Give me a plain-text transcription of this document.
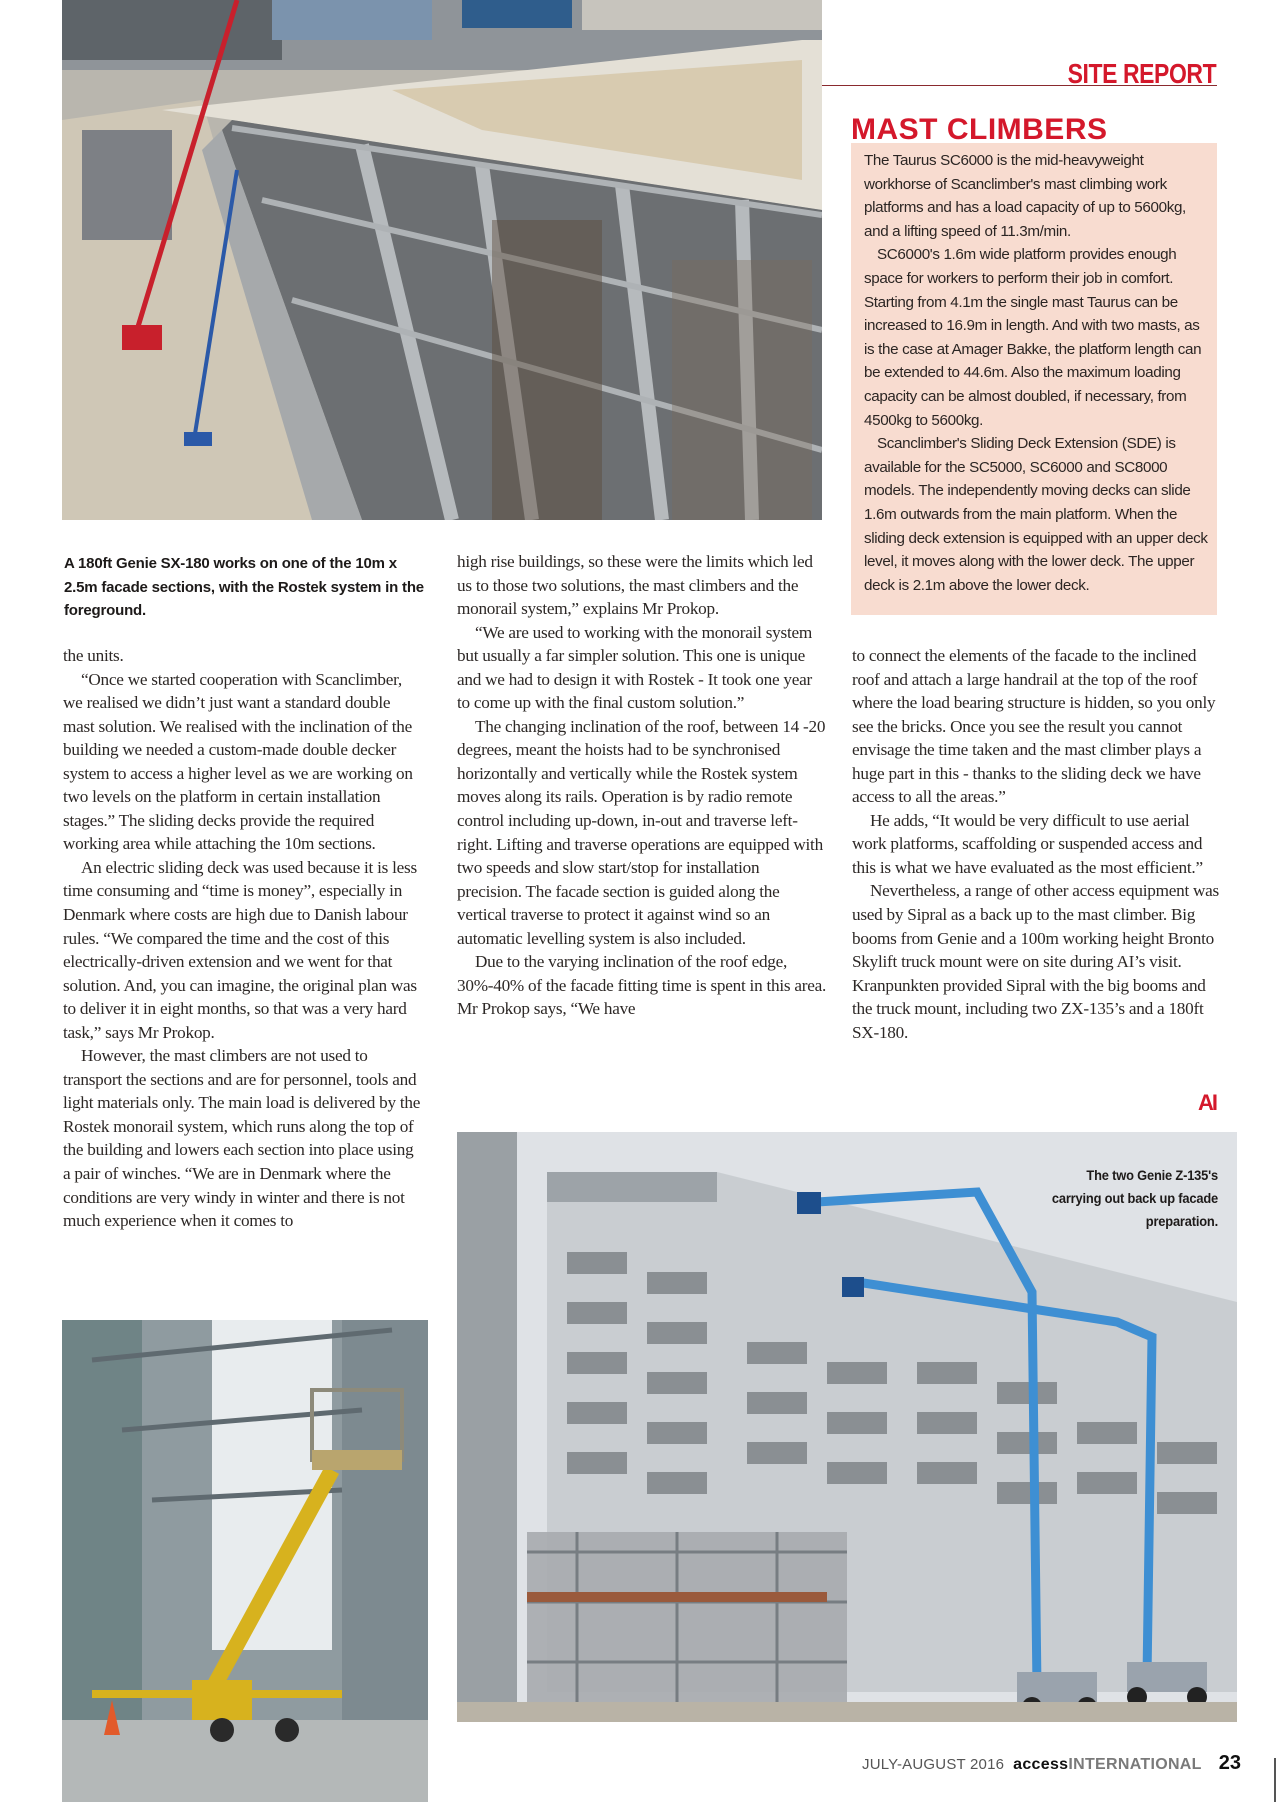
SITE REPORT

The Taurus SC6000 is the mid-heavyweight workhorse of Scanclimber's mast climbing work platforms and has a load capacity of up to 5600kg, and a lifting speed of 11.3m/min.

SC6000's 1.6m wide platform provides enough space for workers to perform their job in comfort. Starting from 4.1m the single mast Taurus can be increased to 16.9m in length. And with two masts, as is the case at Amager Bakke, the platform length can be extended to 44.6m. Also the maximum loading capacity can be almost doubled, if necessary, from 4500kg to 5600kg.

Scanclimber's Sliding Deck Extension (SDE) is available for the SC5000, SC6000 and SC8000 models. The independently moving decks can slide 1.6m outwards from the main platform. When the sliding deck extension is equipped with an upper deck level, it moves along with the lower deck. The upper deck is 2.1m above the lower deck.

MAST CLIMBERS
A 180ft Genie SX-180 works on one of the 10m x 2.5m facade sections, with the Rostek system in the foreground.

the units.

“Once we started cooperation with Scanclimber, we realised we didn’t just want a standard double mast solution. We realised with the inclination of the building we needed a custom-made double decker system to access a higher level as we are working on two levels on the platform in certain installation stages.” The sliding decks provide the required working area while attaching the 10m sections.

An electric sliding deck was used because it is less time consuming and “time is money”, especially in Denmark where costs are high due to Danish labour rules. “We compared the time and the cost of this electrically-driven extension and we went for that solution. And, you can imagine, the original plan was to deliver it in eight months, so that was a very hard task,” says Mr Prokop.

However, the mast climbers are not used to transport the sections and are for personnel, tools and light materials only. The main load is delivered by the Rostek monorail system, which runs along the top of the building and lowers each section into place using a pair of winches. “We are in Denmark where the conditions are very windy in winter and there is not much experience when it comes to

high rise buildings, so these were the limits which led us to those two solutions, the mast climbers and the monorail system,” explains Mr Prokop.

“We are used to working with the monorail system but usually a far simpler solution. This one is unique and we had to design it with Rostek - It took one year to come up with the final custom solution.”

The changing inclination of the roof, between 14 -20 degrees, meant the hoists had to be synchronised horizontally and vertically while the Rostek system moves along its rails. Operation is by radio remote control including up-down, in-out and traverse left-right. Lifting and traverse operations are equipped with two speeds and slow start/stop for installation precision. The facade section is guided along the vertical traverse to protect it against wind so an automatic levelling system is also included.

Due to the varying inclination of the roof edge, 30%-40% of the facade fitting time is spent in this area. Mr Prokop says, “We have

to connect the elements of the facade to the inclined roof and attach a large handrail at the top of the roof where the load bearing structure is hidden, so you only see the bricks. Once you see the result you cannot envisage the time taken and the mast climber plays a huge part in this - thanks to the sliding deck we have access to all the areas.”

He adds, “It would be very difficult to use aerial work platforms, scaffolding or suspended access and this is what we have evaluated as the most efficient.”

Nevertheless, a range of other access equipment was used by Sipral as a back up to the mast climber. Big booms from Genie and a 100m working height Bronto Skylift truck mount were on site during AI’s visit. Kranpunkten provided Sipral with the big booms and the truck mount, including two ZX-135’s and a 180ft SX-180.

AI
The two Genie Z-135's carrying out back up facade preparation.
JULY-AUGUST 2016 accessINTERNATIONAL 23
